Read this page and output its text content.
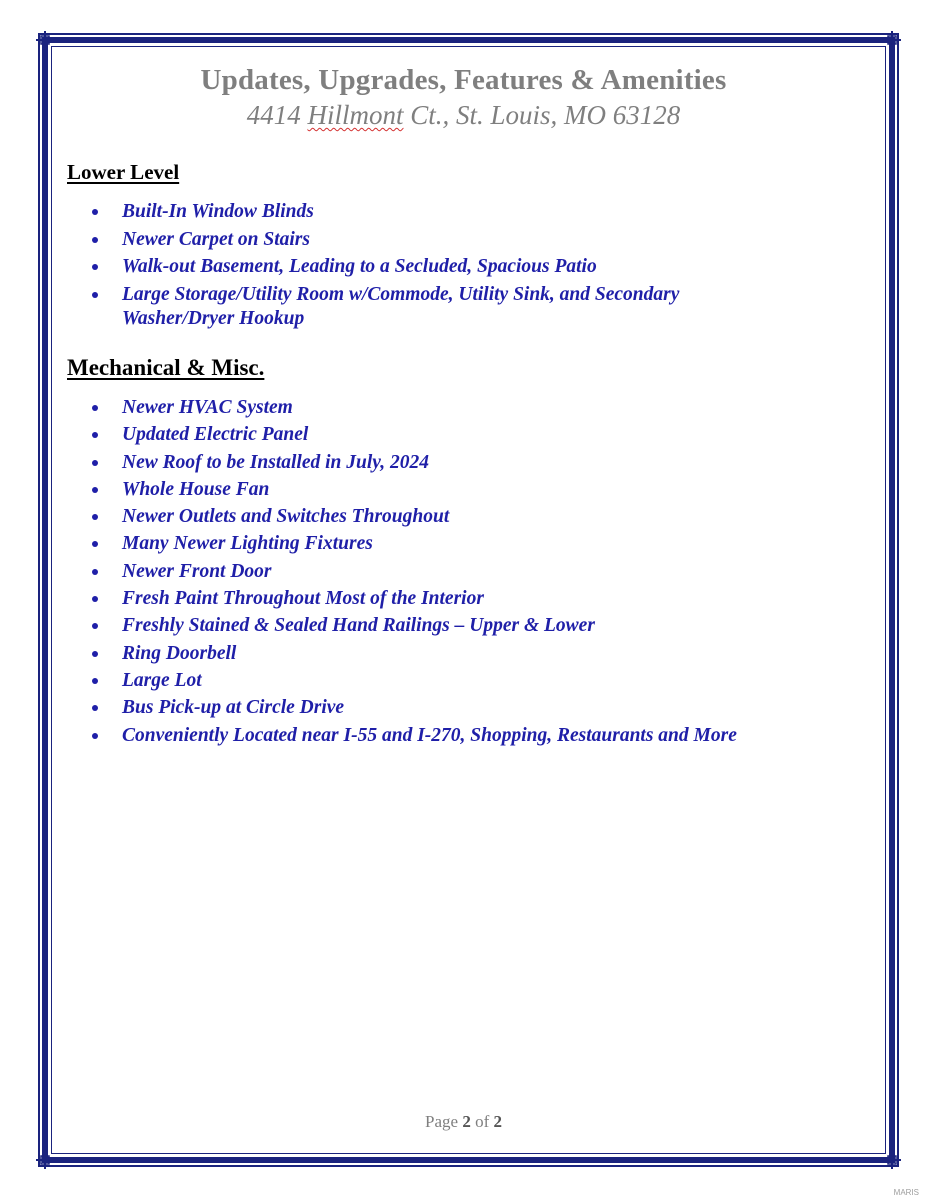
Updates, Upgrades, Features & Amenities
4414 Hillmont Ct., St. Louis, MO 63128
Lower Level
Built-In Window Blinds
Newer Carpet on Stairs
Walk-out Basement, Leading to a Secluded, Spacious Patio
Large Storage/Utility Room w/Commode, Utility Sink, and Secondary Washer/Dryer Hookup
Mechanical & Misc.
Newer HVAC System
Updated Electric Panel
New Roof to be Installed in July, 2024
Whole House Fan
Newer Outlets and Switches Throughout
Many Newer Lighting Fixtures
Newer Front Door
Fresh Paint Throughout Most of the Interior
Freshly Stained & Sealed Hand Railings – Upper & Lower
Ring Doorbell
Large Lot
Bus Pick-up at Circle Drive
Conveniently Located near I-55 and I-270, Shopping, Restaurants and More
Page 2 of 2
MARIS
